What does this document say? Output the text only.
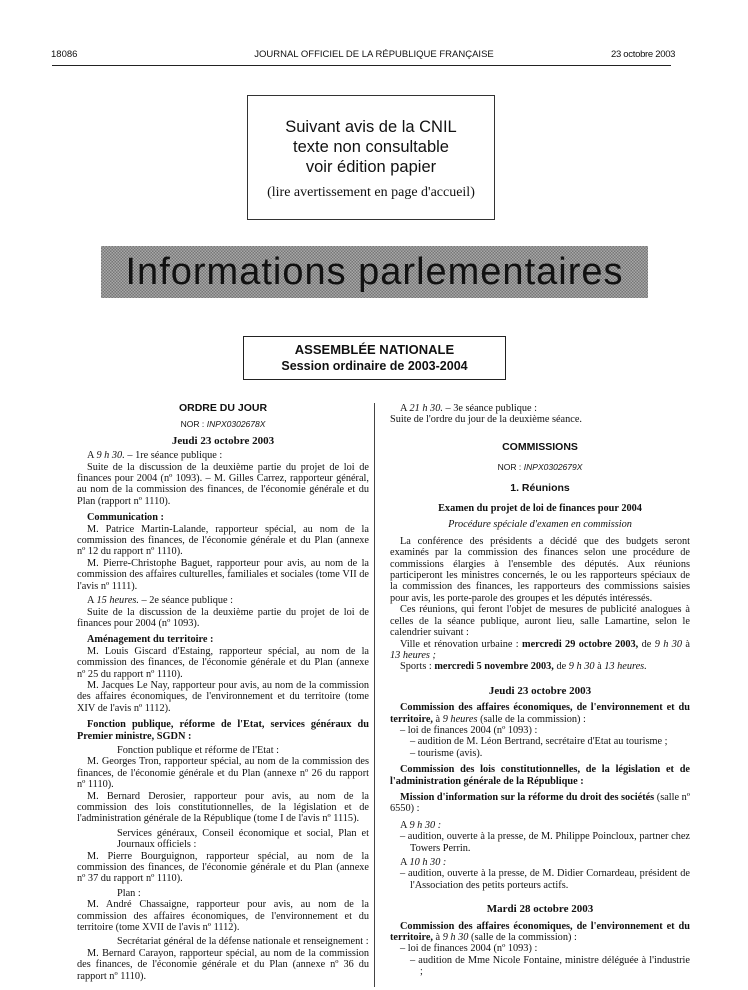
18086	JOURNAL OFFICIEL DE LA RÉPUBLIQUE FRANÇAISE	23 octobre 2003
Suivant avis de la CNIL
texte non consultable
voir édition papier
(lire avertissement en page d'accueil)
Informations parlementaires
ASSEMBLÉE NATIONALE
Session ordinaire de 2003-2004

ORDRE DU JOUR

NOR : INPX0302678X

Jeudi 23 octobre 2003

A 9 h 30. – 1re séance publique :

Suite de la discussion de la deuxième partie du projet de loi de finances pour 2004 (nº 1093). – M. Gilles Carrez, rapporteur général, au nom de la commission des finances, de l'économie générale et du Plan (rapport nº 1110).

Communication :

M. Patrice Martin-Lalande, rapporteur spécial, au nom de la commission des finances, de l'économie générale et du Plan (annexe nº 12 du rapport nº 1110).

M. Pierre-Christophe Baguet, rapporteur pour avis, au nom de la commission des affaires culturelles, familiales et sociales (tome VII de l'avis nº 1111).

A 15 heures. – 2e séance publique :

Suite de la discussion de la deuxième partie du projet de loi de finances pour 2004 (nº 1093).

Aménagement du territoire :

M. Louis Giscard d'Estaing, rapporteur spécial, au nom de la commission des finances, de l'économie générale et du Plan (annexe nº 25 du rapport nº 1110).

M. Jacques Le Nay, rapporteur pour avis, au nom de la commission des affaires économiques, de l'environnement et du territoire (tome XIV de l'avis nº 1112).

Fonction publique, réforme de l'Etat, services généraux du Premier ministre, SGDN :

Fonction publique et réforme de l'Etat :

M. Georges Tron, rapporteur spécial, au nom de la commission des finances, de l'économie générale et du Plan (annexe nº 26 du rapport nº 1110).

M. Bernard Derosier, rapporteur pour avis, au nom de la commission des lois constitutionnelles, de la législation et de l'administration générale de la République (tome I de l'avis nº 1115).

Services généraux, Conseil économique et social, Plan et Journaux officiels :

M. Pierre Bourguignon, rapporteur spécial, au nom de la commission des finances, de l'économie générale et du Plan (annexe nº 37 du rapport nº 1110).

Plan :

M. André Chassaigne, rapporteur pour avis, au nom de la commission des affaires économiques, de l'environnement et du territoire (tome XVII de l'avis nº 1112).

Secrétariat général de la défense nationale et renseignement :

M. Bernard Carayon, rapporteur spécial, au nom de la commission des finances, de l'économie générale et du Plan (annexe nº 36 du rapport nº 1110).

A 21 h 30. – 3e séance publique :

Suite de l'ordre du jour de la deuxième séance.

COMMISSIONS

NOR : INPX0302679X

1. Réunions

Examen du projet de loi de finances pour 2004

Procédure spéciale d'examen en commission

La conférence des présidents a décidé que des budgets seront examinés par la commission des finances selon une procédure de commissions élargies à l'ensemble des députés. Aux réunions participeront les ministres concernés, le ou les rapporteurs spéciaux de la commission des finances, les rapporteurs des commissions saisies pour avis, les porte-parole des groupes et les députés intéressés.

Ces réunions, qui feront l'objet de mesures de publicité analogues à celles de la séance publique, auront lieu, salle Lamartine, selon le calendrier suivant :

Ville et rénovation urbaine : mercredi 29 octobre 2003, de 9 h 30 à 13 heures ;

Sports : mercredi 5 novembre 2003, de 9 h 30 à 13 heures.

Jeudi 23 octobre 2003

Commission des affaires économiques, de l'environnement et du territoire, à 9 heures (salle de la commission) :

– loi de finances 2004 (nº 1093) :

– audition de M. Léon Bertrand, secrétaire d'Etat au tourisme ;

– tourisme (avis).

Commission des lois constitutionnelles, de la législation et de l'administration générale de la République :

Mission d'information sur la réforme du droit des sociétés (salle nº 6550) :

A 9 h 30 :

– audition, ouverte à la presse, de M. Philippe Poincloux, partner chez Towers Perrin.

A 10 h 30 :

– audition, ouverte à la presse, de M. Didier Cornardeau, président de l'Association des petits porteurs actifs.

Mardi 28 octobre 2003

Commission des affaires économiques, de l'environnement et du territoire, à 9 h 30 (salle de la commission) :

– loi de finances 2004 (nº 1093) :

– audition de Mme Nicole Fontaine, ministre déléguée à l'industrie ;
